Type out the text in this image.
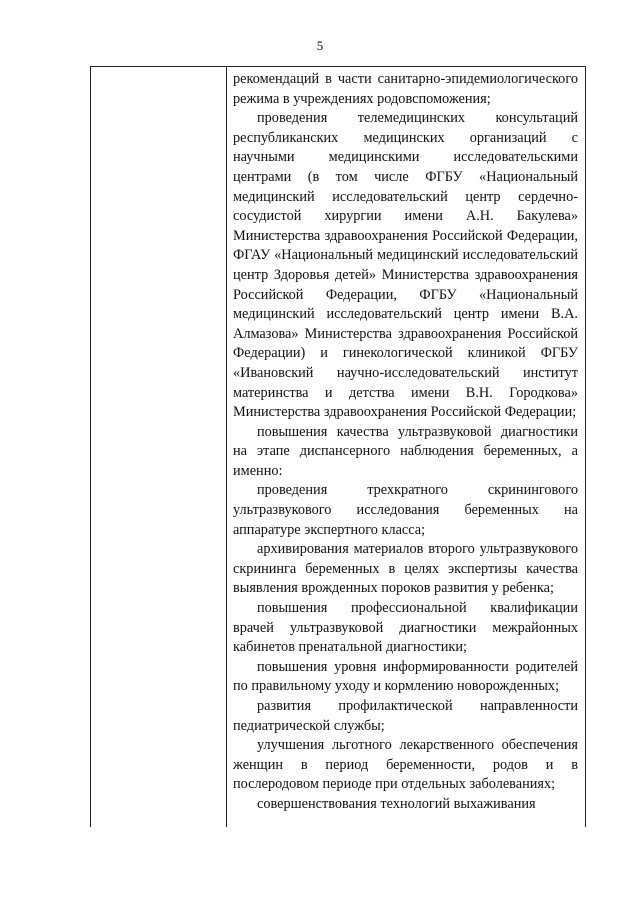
5

рекомендаций в части санитарно-эпидемиологического режима в учреждениях родовспоможения;

проведения телемедицинских консультаций республиканских медицинских организаций с научными медицинскими исследовательскими центрами (в том числе ФГБУ «Национальный медицинский исследовательский центр сердечно-сосудистой хирургии имени А.Н. Бакулева» Министерства здравоохранения Российской Федерации, ФГАУ «Национальный медицинский исследовательский центр Здоровья детей» Министерства здравоохранения Российской Федерации, ФГБУ «Национальный медицинский исследовательский центр имени В.А. Алмазова» Министерства здравоохранения Российской Федерации) и гинекологической клиникой ФГБУ «Ивановский научно-исследовательский институт материнства и детства имени В.Н. Городкова» Министерства здравоохранения Российской Федерации;

повышения качества ультразвуковой диагностики на этапе диспансерного наблюдения беременных, а именно:

проведения трехкратного скринингового ультразвукового исследования беременных на аппаратуре экспертного класса;

архивирования материалов второго ультразвукового скрининга беременных в целях экспертизы качества выявления врожденных пороков развития у ребенка;

повышения профессиональной квалификации врачей ультразвуковой диагностики межрайонных кабинетов пренатальной диагностики;

повышения уровня информированности родителей по правильному уходу и кормлению новорожденных;

развития профилактической направленности педиатрической службы;

улучшения льготного лекарственного обеспечения женщин в период беременности, родов и в послеродовом периоде при отдельных заболеваниях;

совершенствования технологий выхаживания
